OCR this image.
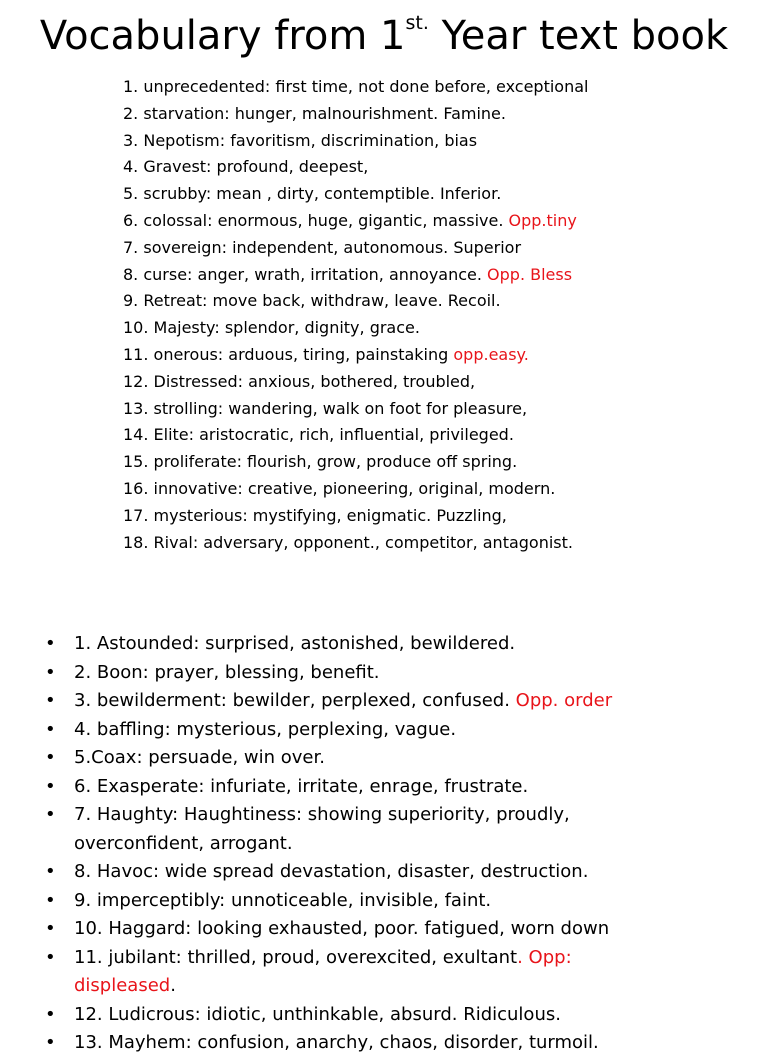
Vocabulary from $1^{st.}$ Year text book
1. unprecedented: first time, not done before, exceptional
2. starvation: hunger, malnourishment. Famine.
3. Nepotism: favoritism, discrimination, bias
4. Gravest: profound, deepest,
5. scrubby: mean , dirty, contemptible. Inferior.
6. colossal: enormous, huge, gigantic, massive. Opp.tiny
7. sovereign: independent, autonomous. Superior
8. curse: anger, wrath, irritation, annoyance. Opp. Bless
9. Retreat: move back, withdraw, leave. Recoil.
10. Majesty: splendor, dignity, grace.
11. onerous: arduous, tiring, painstaking opp.easy.
12. Distressed: anxious, bothered, troubled,
13. strolling: wandering, walk on foot for pleasure,
14. Elite: aristocratic, rich, influential, privileged.
15. proliferate: flourish, grow, produce off spring.
16. innovative: creative, pioneering, original, modern.
17. mysterious: mystifying, enigmatic. Puzzling,
18. Rival: adversary, opponent., competitor, antagonist.
• 1. Astounded: surprised, astonished, bewildered.
• 2. Boon: prayer, blessing, benefit.
• 3. bewilderment: bewilder, perplexed, confused. Opp. order
• 4. baffling: mysterious, perplexing, vague.
• 5.Coax: persuade, win over.
• 6. Exasperate: infuriate, irritate, enrage, frustrate.
• 7. Haughty: Haughtiness: showing superiority, proudly, overconfident, arrogant.
• 8. Havoc: wide spread devastation, disaster, destruction.
• 9. imperceptibly: unnoticeable, invisible, faint.
• 10. Haggard: looking exhausted, poor. fatigued, worn down
• 11. jubilant: thrilled, proud, overexcited, exultant. Opp: displeased.
• 12. Ludicrous: idiotic, unthinkable, absurd. Ridiculous.
• 13. Mayhem: confusion, anarchy, chaos, disorder, turmoil.
